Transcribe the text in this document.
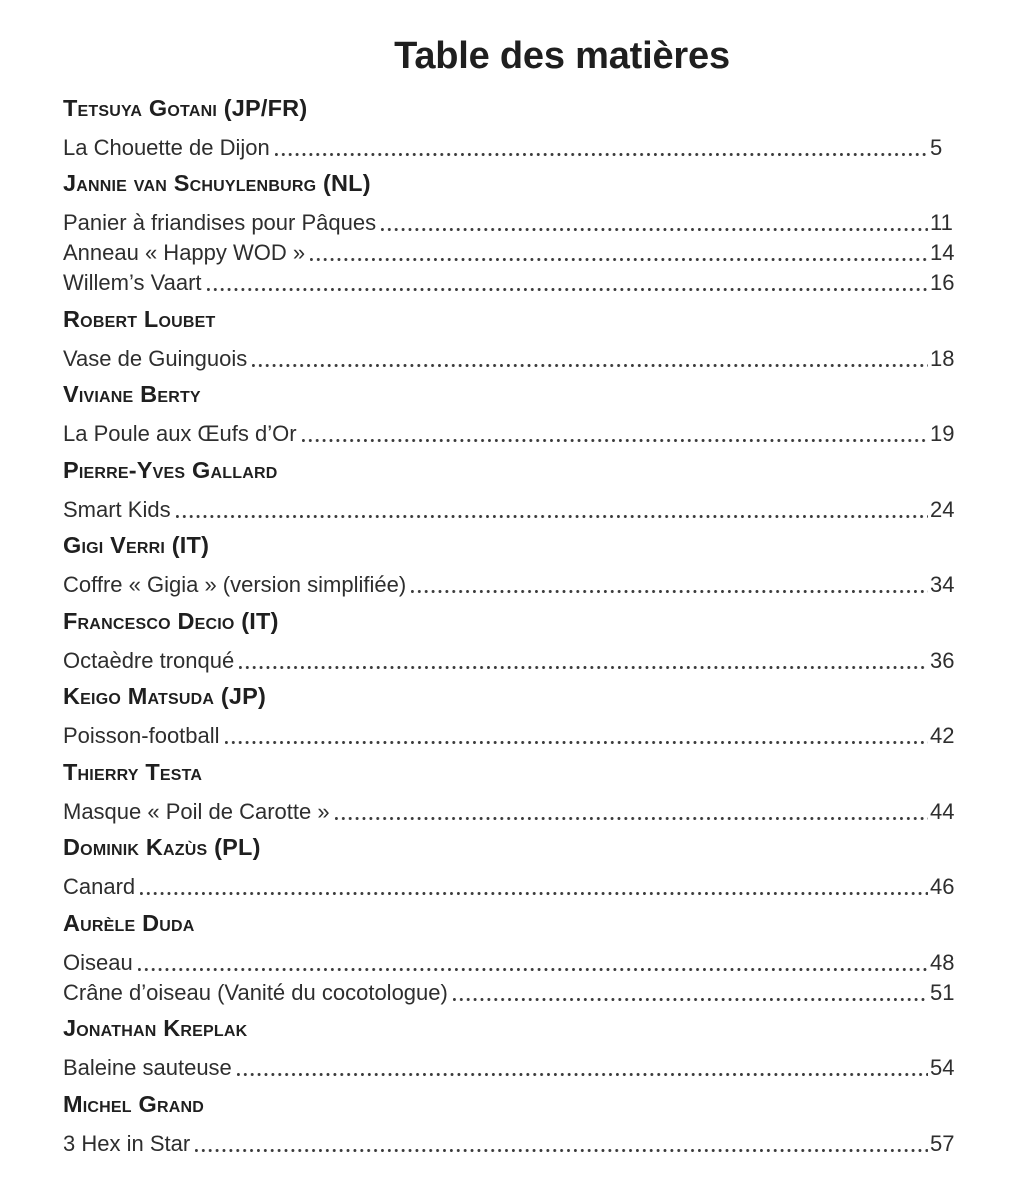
Table des matières
Tetsuya Gotani (JP/FR)
La Chouette de Dijon	5
Jannie van Schuylenburg (NL)
Panier à friandises pour Pâques	11
Anneau « Happy WOD »	14
Willem’s Vaart	16
Robert Loubet
Vase de Guinguois	18
Viviane Berty
La Poule aux Œufs d’Or	19
Pierre-Yves Gallard
Smart Kids	24
Gigi Verri (IT)
Coffre « Gigia » (version simplifiée)	34
Francesco Decio (IT)
Octaèdre tronqué	36
Keigo Matsuda (JP)
Poisson-football	42
Thierry Testa
Masque « Poil de Carotte »	44
Dominik Kazùs (PL)
Canard	46
Aurèle Duda
Oiseau	48
Crâne d’oiseau (Vanité du cocotologue)	51
Jonathan Kreplak
Baleine sauteuse	54
Michel Grand
3 Hex in Star	57
